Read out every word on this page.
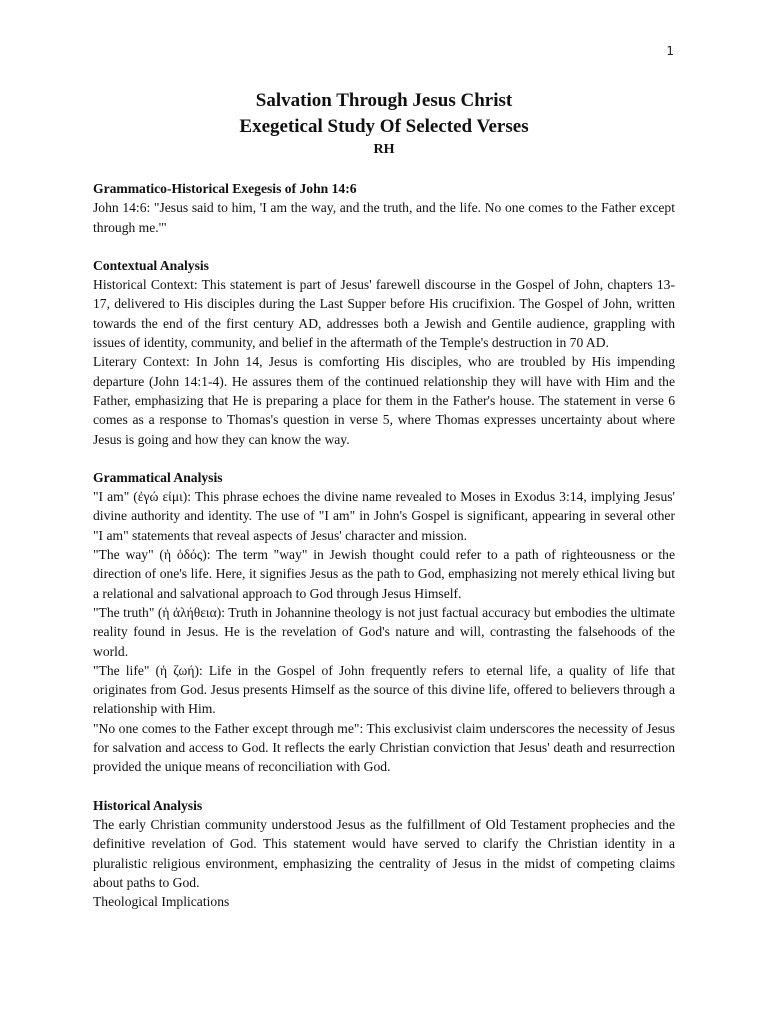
1
Salvation Through Jesus Christ
Exegetical Study Of Selected Verses
RH
Grammatico-Historical Exegesis of John 14:6

John 14:6: "Jesus said to him, 'I am the way, and the truth, and the life. No one comes to the Father except through me.'"

Contextual Analysis

Historical Context: This statement is part of Jesus' farewell discourse in the Gospel of John, chapters 13-17, delivered to His disciples during the Last Supper before His crucifixion. The Gospel of John, written towards the end of the first century AD, addresses both a Jewish and Gentile audience, grappling with issues of identity, community, and belief in the aftermath of the Temple's destruction in 70 AD.

Literary Context: In John 14, Jesus is comforting His disciples, who are troubled by His impending departure (John 14:1-4). He assures them of the continued relationship they will have with Him and the Father, emphasizing that He is preparing a place for them in the Father's house. The statement in verse 6 comes as a response to Thomas's question in verse 5, where Thomas expresses uncertainty about where Jesus is going and how they can know the way.

Grammatical Analysis

"I am" (ἐγώ εἰμι): This phrase echoes the divine name revealed to Moses in Exodus 3:14, implying Jesus' divine authority and identity. The use of "I am" in John's Gospel is significant, appearing in several other "I am" statements that reveal aspects of Jesus' character and mission.

"The way" (ἡ ὁδός): The term "way" in Jewish thought could refer to a path of righteousness or the direction of one's life. Here, it signifies Jesus as the path to God, emphasizing not merely ethical living but a relational and salvational approach to God through Jesus Himself.

"The truth" (ἡ ἀλήθεια): Truth in Johannine theology is not just factual accuracy but embodies the ultimate reality found in Jesus. He is the revelation of God's nature and will, contrasting the falsehoods of the world.

"The life" (ἡ ζωή): Life in the Gospel of John frequently refers to eternal life, a quality of life that originates from God. Jesus presents Himself as the source of this divine life, offered to believers through a relationship with Him.

"No one comes to the Father except through me": This exclusivist claim underscores the necessity of Jesus for salvation and access to God. It reflects the early Christian conviction that Jesus' death and resurrection provided the unique means of reconciliation with God.

Historical Analysis

The early Christian community understood Jesus as the fulfillment of Old Testament prophecies and the definitive revelation of God. This statement would have served to clarify the Christian identity in a pluralistic religious environment, emphasizing the centrality of Jesus in the midst of competing claims about paths to God.

Theological Implications
